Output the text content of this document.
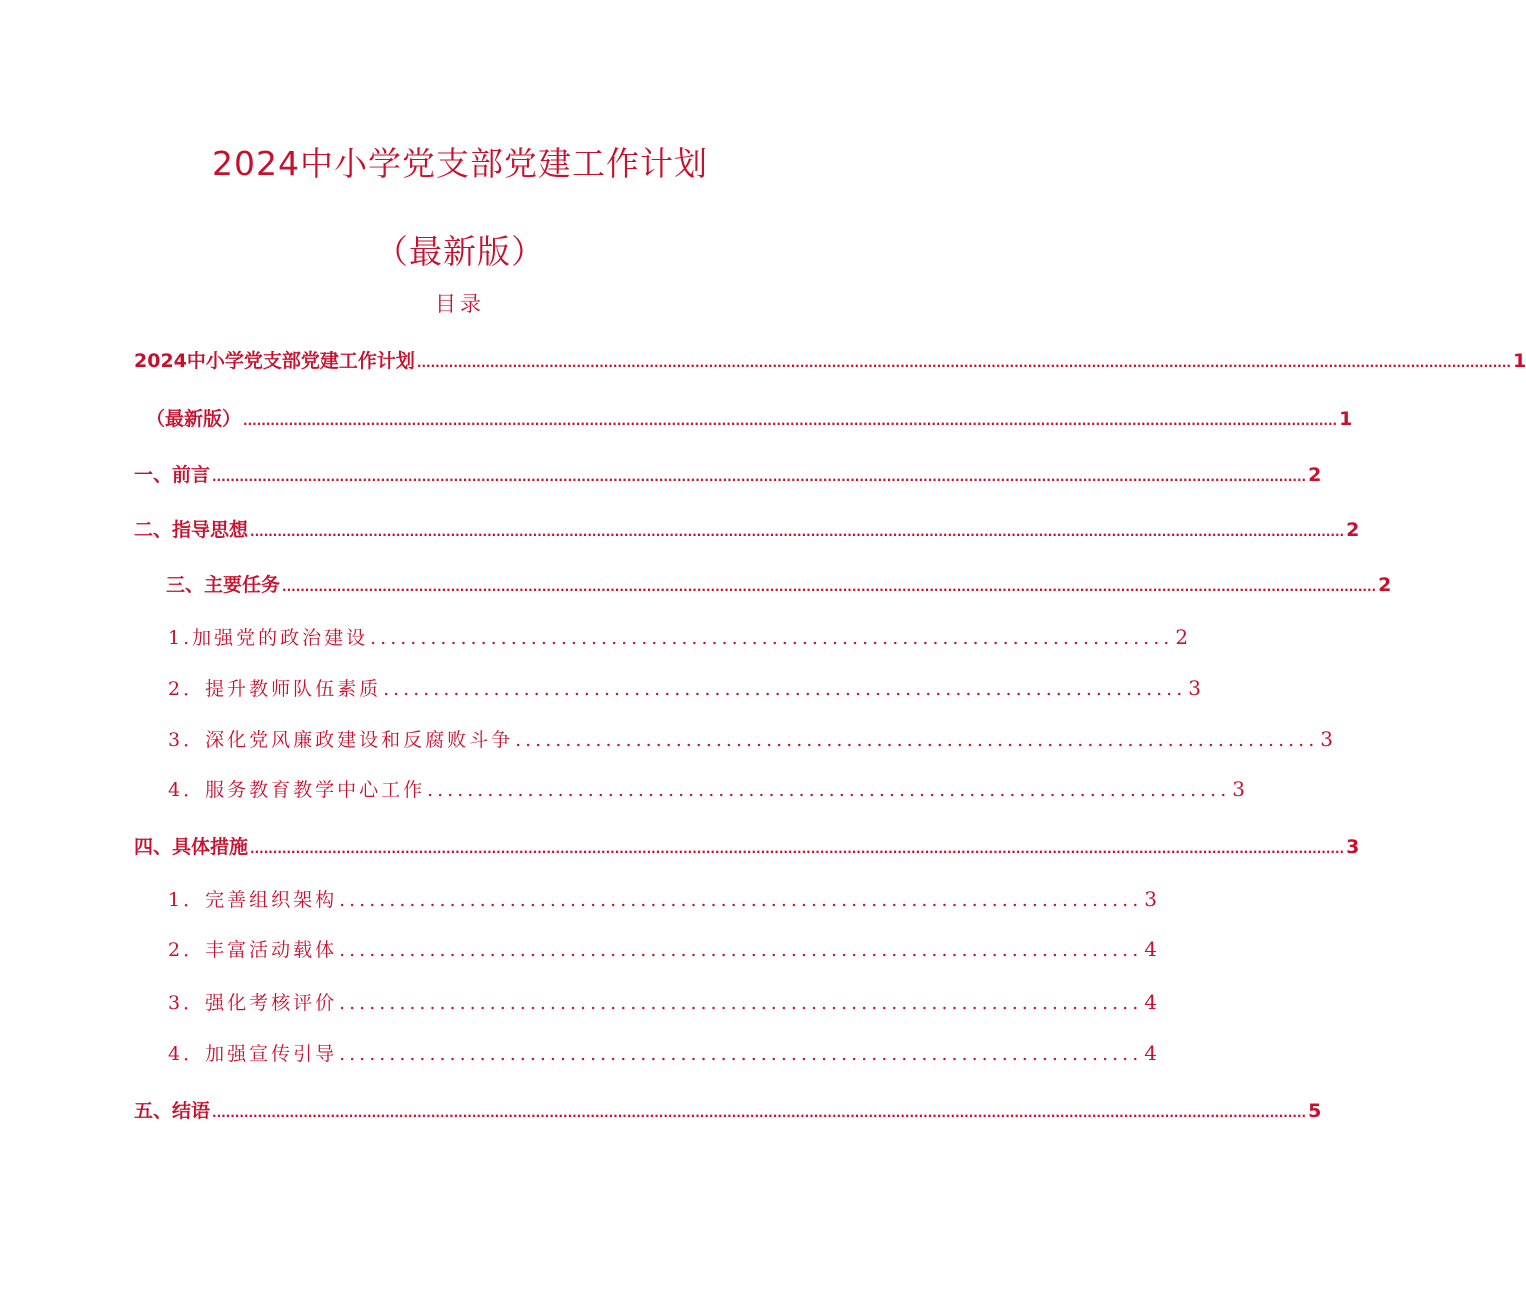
2024中小学党支部党建工作计划
（最新版）
目录
2024中小学党支部党建工作计划 ................................................................................................................................................................................................................................................ 1
（最新版） ................................................................................................................................................................................................................................................ 1
一、前言 ................................................................................................................................................................................................................................................ 2
二、指导思想 ................................................................................................................................................................................................................................................ 2
三、主要任务 ................................................................................................................................................................................................................................................ 2
1.加强党的政治建设 ................................................................................ 2
2．提升教师队伍素质 ................................................................................ 3
3．深化党风廉政建设和反腐败斗争 ................................................................................ 3
4．服务教育教学中心工作 ................................................................................ 3
四、具体措施 ................................................................................................................................................................................................................................................ 3
1．完善组织架构 ................................................................................ 3
2．丰富活动载体 ................................................................................ 4
3．强化考核评价 ................................................................................ 4
4．加强宣传引导 ................................................................................ 4
五、结语 ................................................................................................................................................................................................................................................ 5
